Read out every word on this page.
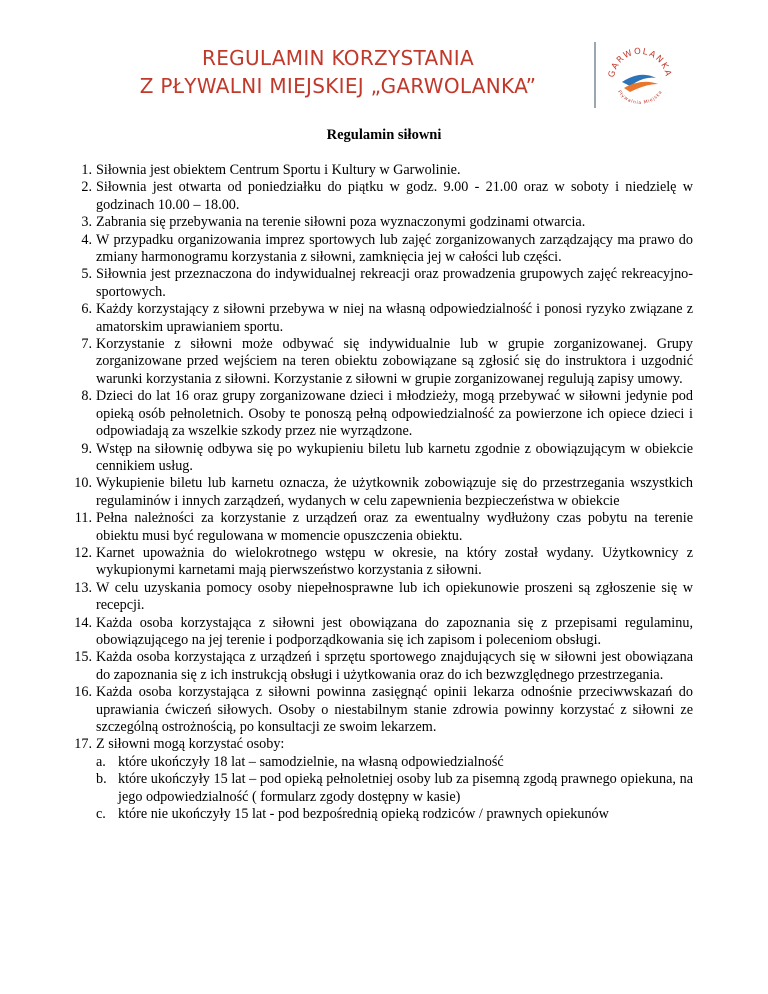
REGULAMIN KORZYSTANIA
Z PŁYWALNI MIEJSKIEJ „GARWOLANKA”
GARWOLANKA
Pływalnia Miejska
Regulamin siłowni
1. Siłownia jest obiektem Centrum Sportu i Kultury w Garwolinie.
2. Siłownia jest otwarta od poniedziałku do piątku w godz. 9.00 - 21.00 oraz w soboty i niedzielę w godzinach 10.00 – 18.00.
3. Zabrania się przebywania na terenie siłowni poza wyznaczonymi godzinami otwarcia.
4. W przypadku organizowania imprez sportowych lub zajęć zorganizowanych zarządzający ma prawo do zmiany harmonogramu korzystania z siłowni, zamknięcia jej w całości lub części.
5. Siłownia jest przeznaczona do indywidualnej rekreacji oraz prowadzenia grupowych zajęć rekreacyjno-sportowych.
6. Każdy korzystający z siłowni przebywa w niej na własną odpowiedzialność i ponosi ryzyko związane z amatorskim uprawianiem sportu.
7. Korzystanie z siłowni może odbywać się indywidualnie lub w grupie zorganizowanej. Grupy zorganizowane przed wejściem na teren obiektu zobowiązane są zgłosić się do instruktora i uzgodnić warunki korzystania z siłowni. Korzystanie z siłowni w grupie zorganizowanej regulują zapisy umowy.
8. Dzieci do lat 16 oraz grupy zorganizowane dzieci i młodzieży, mogą przebywać w siłowni jedynie pod opieką osób pełnoletnich. Osoby te ponoszą pełną odpowiedzialność za powierzone ich opiece dzieci i odpowiadają za wszelkie szkody przez nie wyrządzone.
9. Wstęp na siłownię odbywa się po wykupieniu biletu lub karnetu zgodnie z obowiązującym w obiekcie cennikiem usług.
10. Wykupienie biletu lub karnetu oznacza, że użytkownik zobowiązuje się do przestrzegania wszystkich regulaminów i innych zarządzeń, wydanych w celu zapewnienia bezpieczeństwa w obiekcie
11. Pełna należności za korzystanie z urządzeń oraz za ewentualny wydłużony czas pobytu na terenie obiektu musi być regulowana w momencie opuszczenia obiektu.
12. Karnet upoważnia do wielokrotnego wstępu w okresie, na który został wydany. Użytkownicy z wykupionymi karnetami mają pierwszeństwo korzystania z siłowni.
13. W celu uzyskania pomocy osoby niepełnosprawne lub ich opiekunowie proszeni są zgłoszenie się w recepcji.
14. Każda osoba korzystająca z siłowni jest obowiązana do zapoznania się z przepisami regulaminu, obowiązującego na jej terenie i podporządkowania się ich zapisom i poleceniom obsługi.
15. Każda osoba korzystająca z urządzeń i sprzętu sportowego znajdujących się w siłowni jest obowiązana do zapoznania się z ich instrukcją obsługi i użytkowania oraz do ich bezwzględnego przestrzegania.
16. Każda osoba korzystająca z siłowni powinna zasięgnąć opinii lekarza odnośnie przeciwwskazań do uprawiania ćwiczeń siłowych. Osoby o niestabilnym stanie zdrowia powinny korzystać z siłowni ze szczególną ostrożnością, po konsultacji ze swoim lekarzem.
17. Z siłowni mogą korzystać osoby:
a. które ukończyły 18 lat – samodzielnie, na własną odpowiedzialność
b. które ukończyły 15 lat – pod opieką pełnoletniej osoby lub za pisemną zgodą prawnego opiekuna, na jego odpowiedzialność ( formularz zgody dostępny w kasie)
c. które nie ukończyły 15 lat - pod bezpośrednią opieką rodziców / prawnych opiekunów
